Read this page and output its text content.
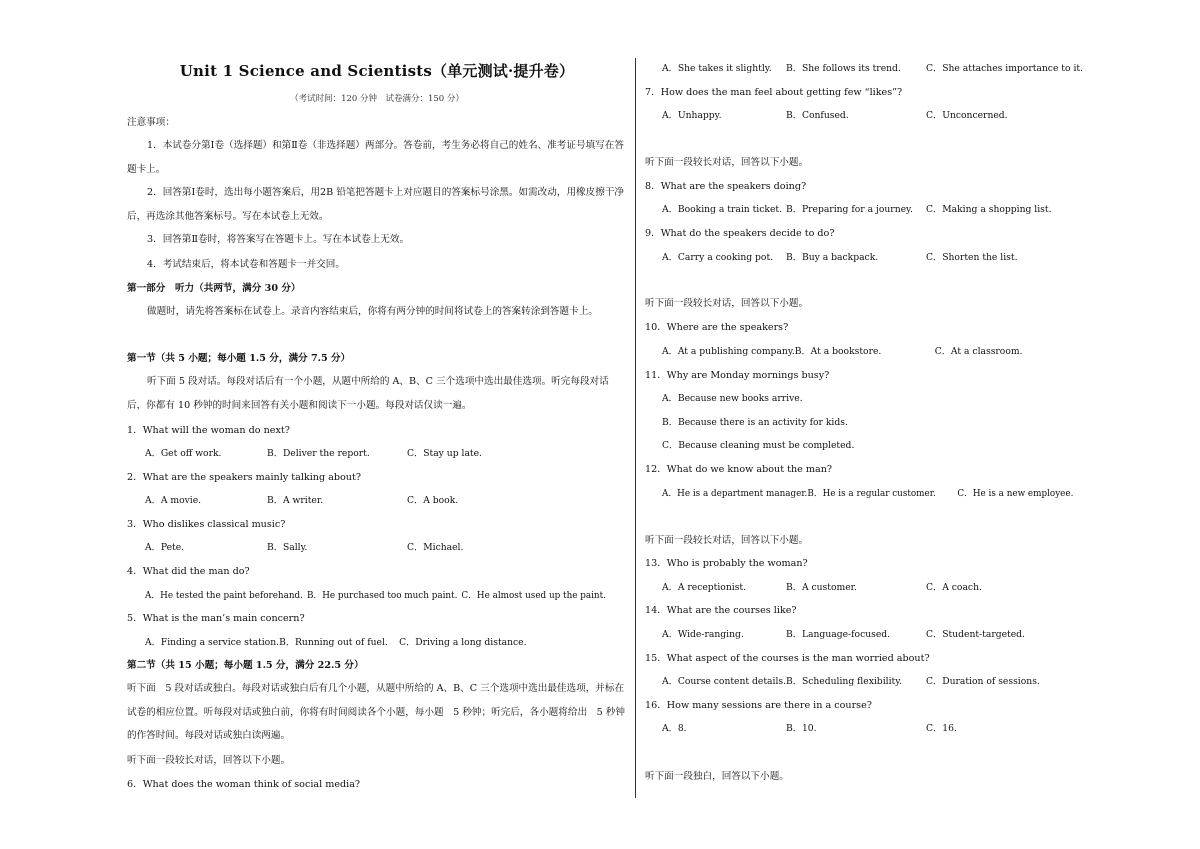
Unit 1 Science and Scientists（单元测试·提升卷）
（考试时间：120 分钟　试卷满分：150 分）
注意事项：
1．本试卷分第Ⅰ卷（选择题）和第Ⅱ卷（非选择题）两部分。答卷前，考生务必将自己的姓名、准考证号填写在答题卡上。
2．回答第Ⅰ卷时，选出每小题答案后，用2B 铅笔把答题卡上对应题目的答案标号涂黑。如需改动，用橡皮擦干净后，再选涂其他答案标号。写在本试卷上无效。
3．回答第Ⅱ卷时，将答案写在答题卡上。写在本试卷上无效。
4．考试结束后，将本试卷和答题卡一并交回。
第一部分　听力（共两节，满分 30 分）
做题时，请先将答案标在试卷上。录音内容结束后，你将有两分钟的时间将试卷上的答案转涂到答题卡上。
第一节（共 5 小题；每小题 1.5 分，满分 7.5 分）
听下面 5 段对话。每段对话后有一个小题，从题中所给的 A、B、C 三个选项中选出最佳选项。听完每段对话后，你都有 10 秒钟的时间来回答有关小题和阅读下一小题。每段对话仅读一遍。
1．What will the woman do next?
A．Get off work.	B．Deliver the report.	C．Stay up late.
2．What are the speakers mainly talking about?
A．A movie.	B．A writer.	C．A book.
3．Who dislikes classical music?
A．Pete.	B．Sally.	C．Michael.
4．What did the man do?
A．He tested the paint beforehand. B．He purchased too much paint. C．He almost used up the paint.
5．What is the man’s main concern?
A．Finding a service station.B．Running out of fuel. C．Driving a long distance.
第二节（共 15 小题；每小题 1.5 分，满分 22.5 分）
听下面　5 段对话或独白。每段对话或独白后有几个小题，从题中所给的 A、B、C 三个选项中选出最佳选项，并标在试卷的相应位置。听每段对话或独白前，你将有时间阅读各个小题，每小题　5 秒钟；听完后，各小题将给出　5 秒钟的作答时间。每段对话或独白读两遍。
听下面一段较长对话，回答以下小题。
6．What does the woman think of social media?
A．She takes it slightly. B．She follows its trend.	C．She attaches importance to it.
7．How does the man feel about getting few “likes”?
A．Unhappy.	B．Confused.	C．Unconcerned.
听下面一段较长对话，回答以下小题。
8．What are the speakers doing?
A．Booking a train ticket. B．Preparing for a journey. C．Making a shopping list.
9．What do the speakers decide to do?
A．Carry a cooking pot. B．Buy a backpack.	C．Shorten the list.
听下面一段较长对话，回答以下小题。
10．Where are the speakers?
A．At a publishing company.B．At a bookstore.	C．At a classroom.
11．Why are Monday mornings busy?
A．Because new books arrive.
B．Because there is an activity for kids.
C．Because cleaning must be completed.
12．What do we know about the man?
A．He is a department manager.B．He is a regular customer. C．He is a new employee.
听下面一段较长对话，回答以下小题。
13．Who is probably the woman?
A．A receptionist.	B．A customer.	C．A coach.
14．What are the courses like?
A．Wide-ranging.	B．Language-focused.	C．Student-targeted.
15．What aspect of the courses is the man worried about?
A．Course content details.B．Scheduling flexibility.	C．Duration of sessions.
16．How many sessions are there in a course?
A．8.	B．10.	C．16.
听下面一段独白，回答以下小题。
